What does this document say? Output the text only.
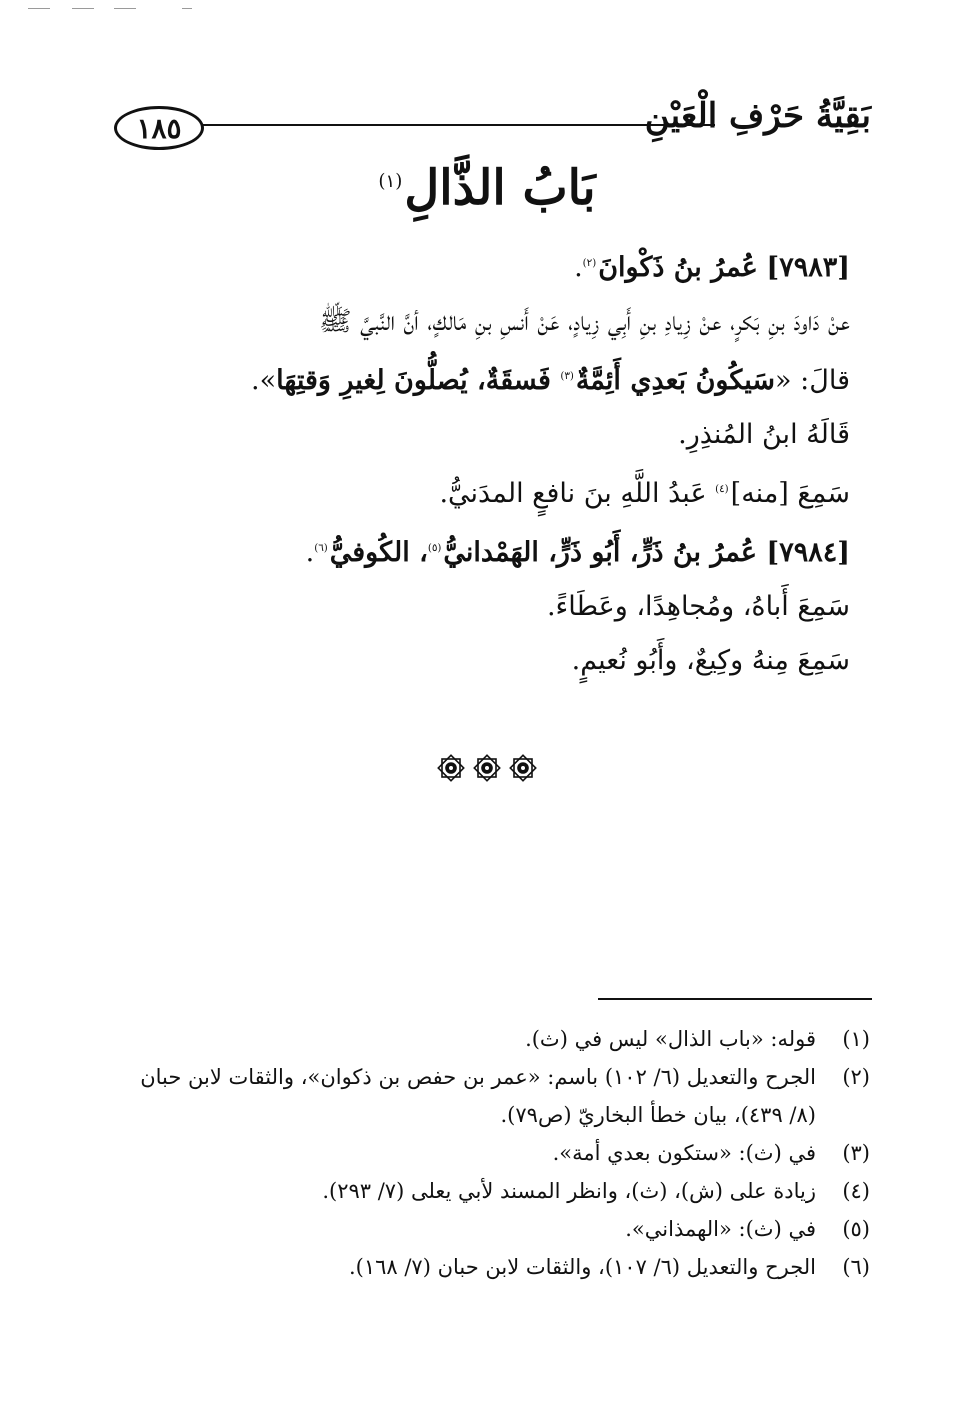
١٨٥	بَقِيَّةُ حَرْفِ الْعَيْنِ
بَابُ الذَّالِ$^{(١)}$
[٧٩٨٣] عُمرُ بنُ ذَكْوانَ$^{(٢)}$.
عنْ دَاودَ بنِ بَكرٍ، عنْ زِيادِ بنِ أَبِي زِيادٍ، عَنْ أَنسِ بنِ مَالكٍ، أنَّ النَّبيَّ ﷺ
قالَ: «سَيكُونُ بَعدِي أَئِمَّةٌ$^{(٣)}$ فَسقَةٌ، يُصلُّونَ لِغيرِ وَقتِهَا».
قَالَهُ ابنُ المُنذِرِ.
سَمِعَ [منه]$^{(٤)}$ عَبدُ اللَّهِ بنَ نافعٍ المدَنيُّ.
[٧٩٨٤] عُمرُ بنُ ذَرٍّ، أَبُو ذَرٍّ، الهَمْدانيُّ$^{(٥)}$، الكُوفيُّ$^{(٦)}$.
سَمِعَ أَباهُ، ومُجاهِدًا، وعَطَاءً.
سَمِعَ مِنهُ وكِيعٌ، وأَبُو نُعيمٍ.
(١)
قوله: «باب الذال» ليس في (ث).
(٢)
الجرح والتعديل (٦/ ١٠٢) باسم: «عمر بن حفص بن ذكوان»، والثقات لابن حبان (٨/ ٤٣٩)، بيان خطأ البخاريّ (ص٧٩).
(٣)
في (ث): «ستكون بعدي أمة».
(٤)
زيادة على (ش)، (ث)، وانظر المسند لأبي يعلى (٧/ ٢٩٣).
(٥)
في (ث): «الهمذاني».
(٦)
الجرح والتعديل (٦/ ١٠٧)، والثقات لابن حبان (٧/ ١٦٨).
